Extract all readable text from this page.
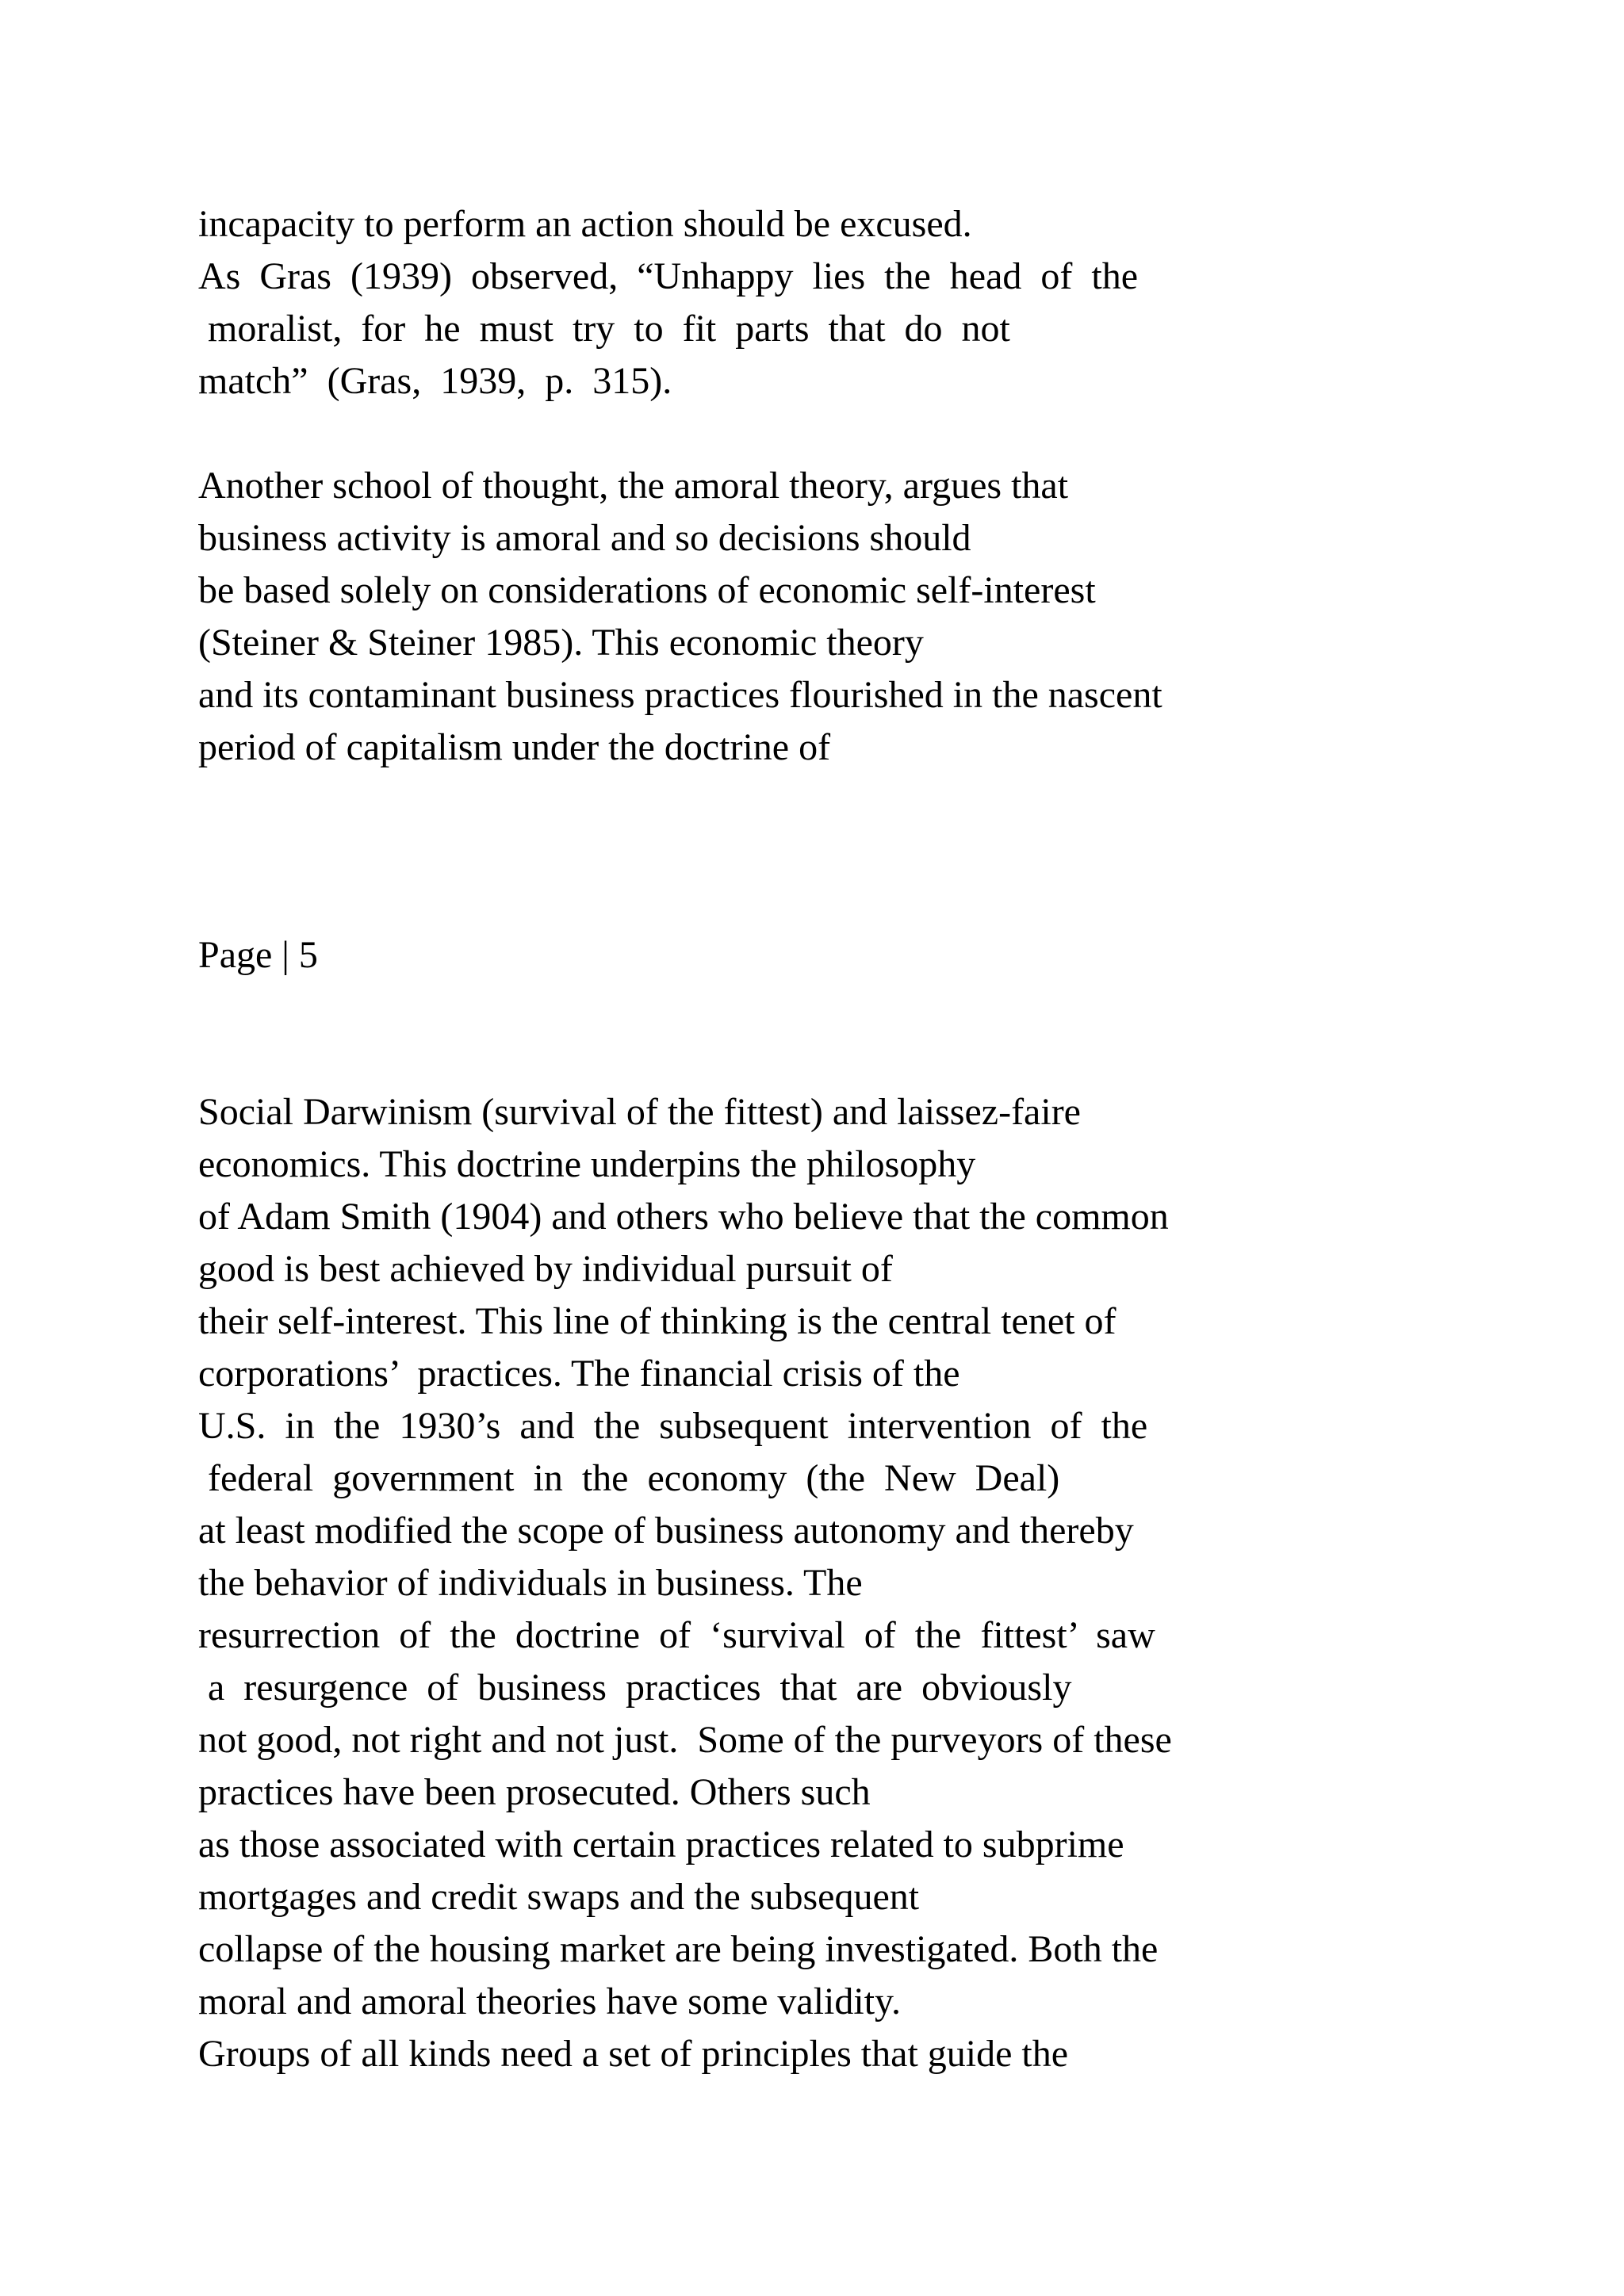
incapacity to perform an action should be excused.

As  Gras  (1939)  observed,  “Unhappy  lies  the  head  of  the

moralist,  for  he  must  try  to  fit  parts  that  do  not

match”  (Gras,  1939,  p.  315).

Another school of thought, the amoral theory, argues that

business activity is amoral and so decisions should

be based solely on considerations of economic self-interest

(Steiner & Steiner 1985). This economic theory

and its contaminant business practices flourished in the nascent

period of capitalism under the doctrine of

Page | 5

Social Darwinism (survival of the fittest) and laissez-faire

economics. This doctrine underpins the philosophy

of Adam Smith (1904) and others who believe that the common

good is best achieved by individual pursuit of

their self-interest. This line of thinking is the central tenet of

corporations’  practices. The financial crisis of the

U.S.  in  the  1930’s  and  the  subsequent  intervention  of  the

federal  government  in  the  economy  (the  New  Deal)

at least modified the scope of business autonomy and thereby

the behavior of individuals in business. The

resurrection  of  the  doctrine  of  ‘survival  of  the  fittest’  saw

a  resurgence  of  business  practices  that  are  obviously

not good, not right and not just.  Some of the purveyors of these

practices have been prosecuted. Others such

as those associated with certain practices related to subprime

mortgages and credit swaps and the subsequent

collapse of the housing market are being investigated. Both the

moral and amoral theories have some validity.

Groups of all kinds need a set of principles that guide the
